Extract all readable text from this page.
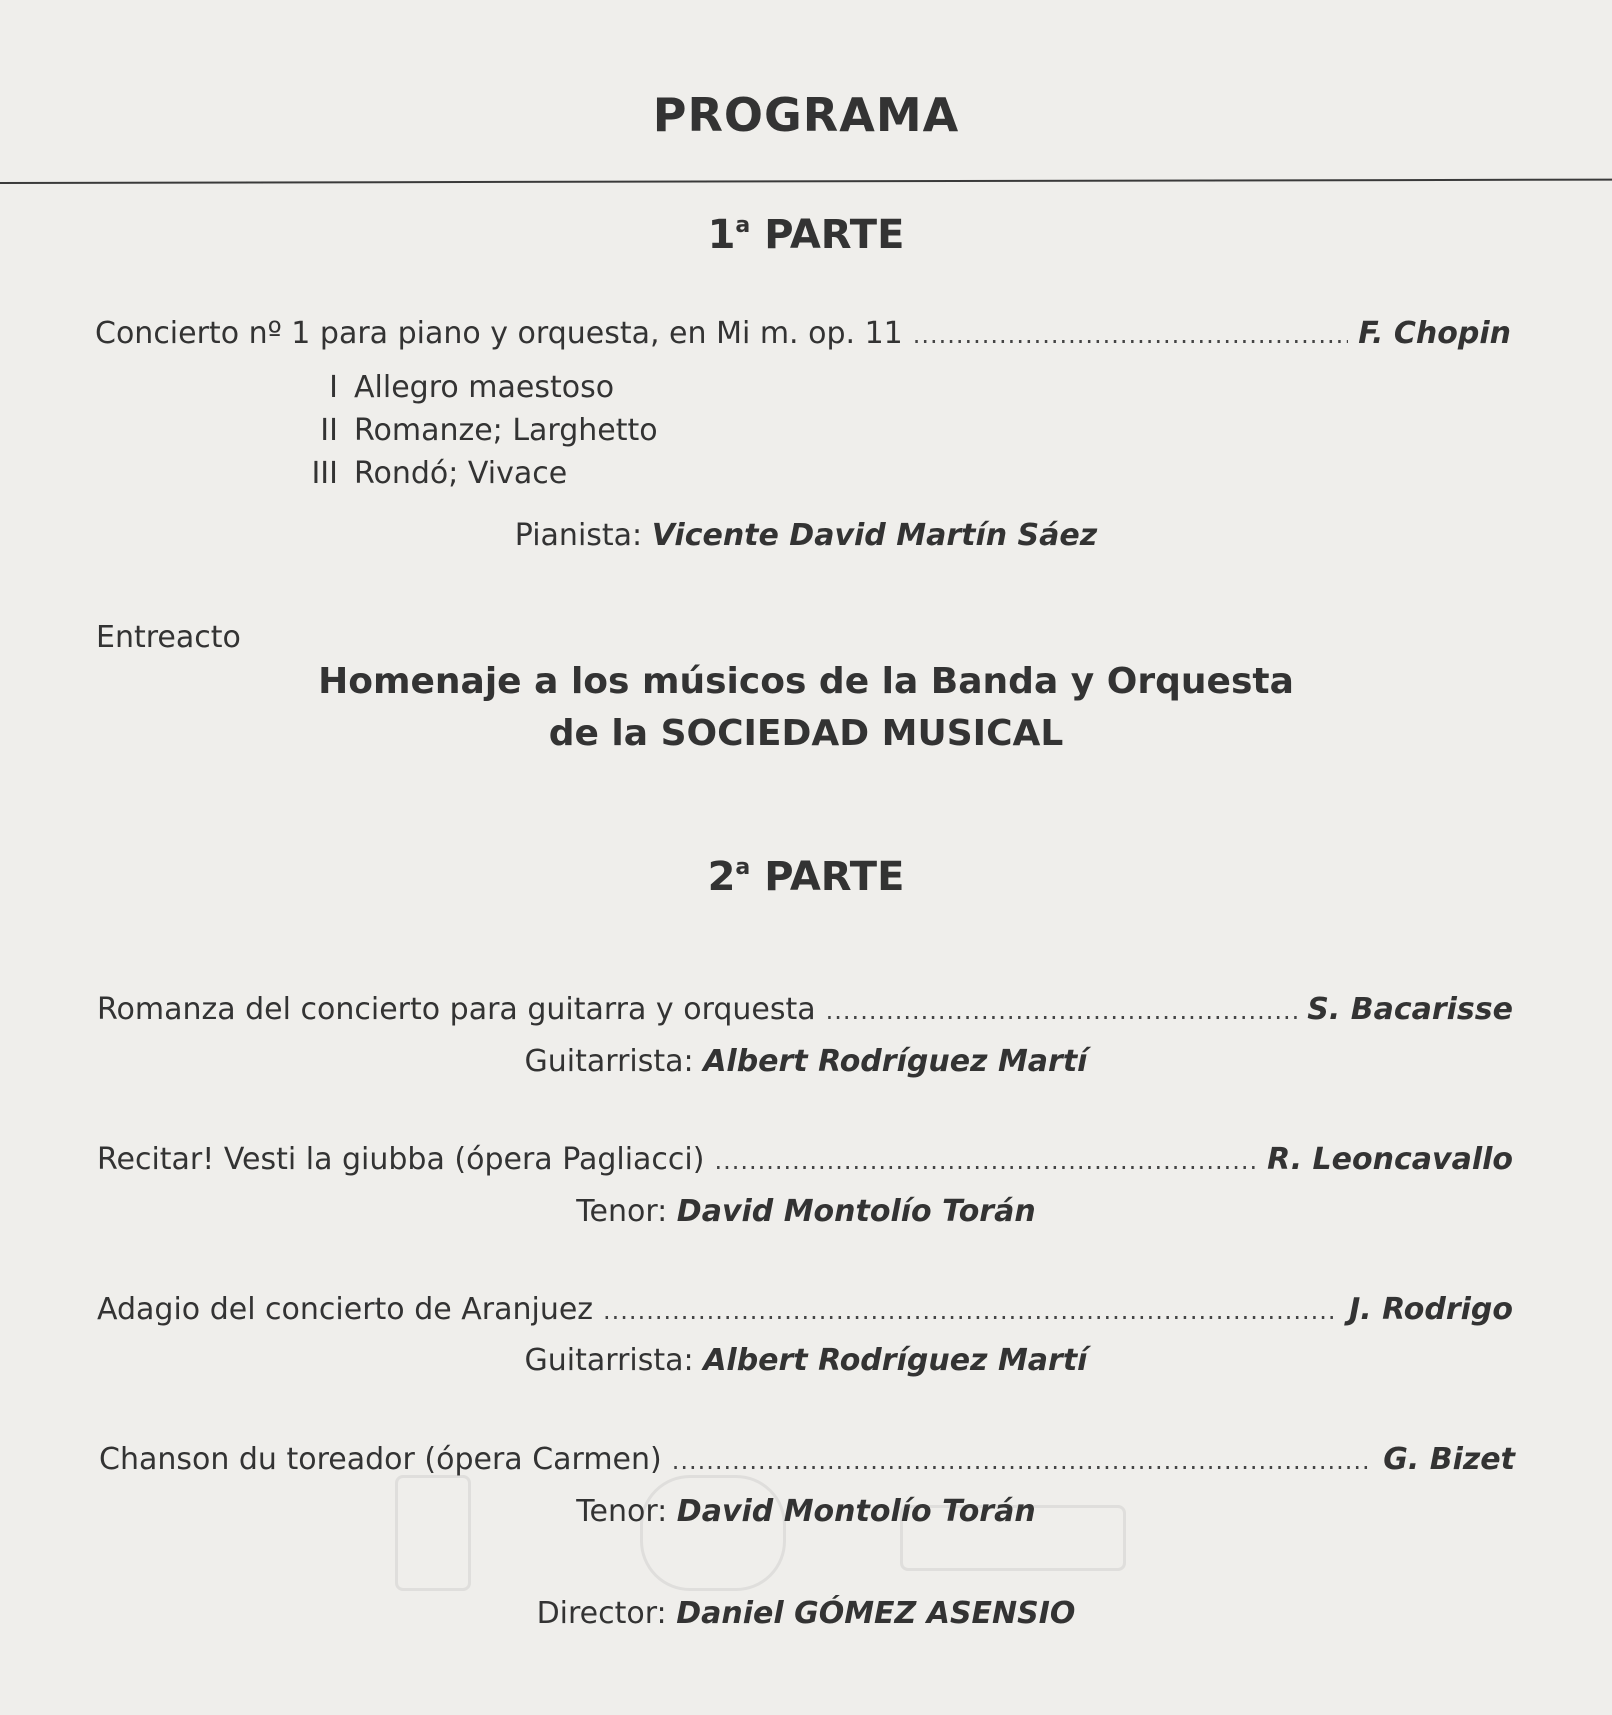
PROGRAMA
1$^a$ PARTE
Concierto nº 1 para piano y orquesta, en Mi m. op. 11 .....	F. Chopin
I Allegro maestoso
II Romanze; Larghetto
III Rondó; Vivace
Pianista: Vicente David Martín Sáez
Entreacto
Homenaje a los músicos de la Banda y Orquesta
de la SOCIEDAD MUSICAL
2$^a$ PARTE
Romanza del concierto para guitarra y orquesta .....	S. Bacarisse
Guitarrista: Albert Rodríguez Martí
Recitar! Vesti la giubba (ópera Pagliacci) .....	R. Leoncavallo
Tenor: David Montolío Torán
Adagio del concierto de Aranjuez .....	J. Rodrigo
Guitarrista: Albert Rodríguez Martí
Chanson du toreador (ópera Carmen) .....	G. Bizet
Tenor: David Montolío Torán
Director: Daniel GÓMEZ ASENSIO
